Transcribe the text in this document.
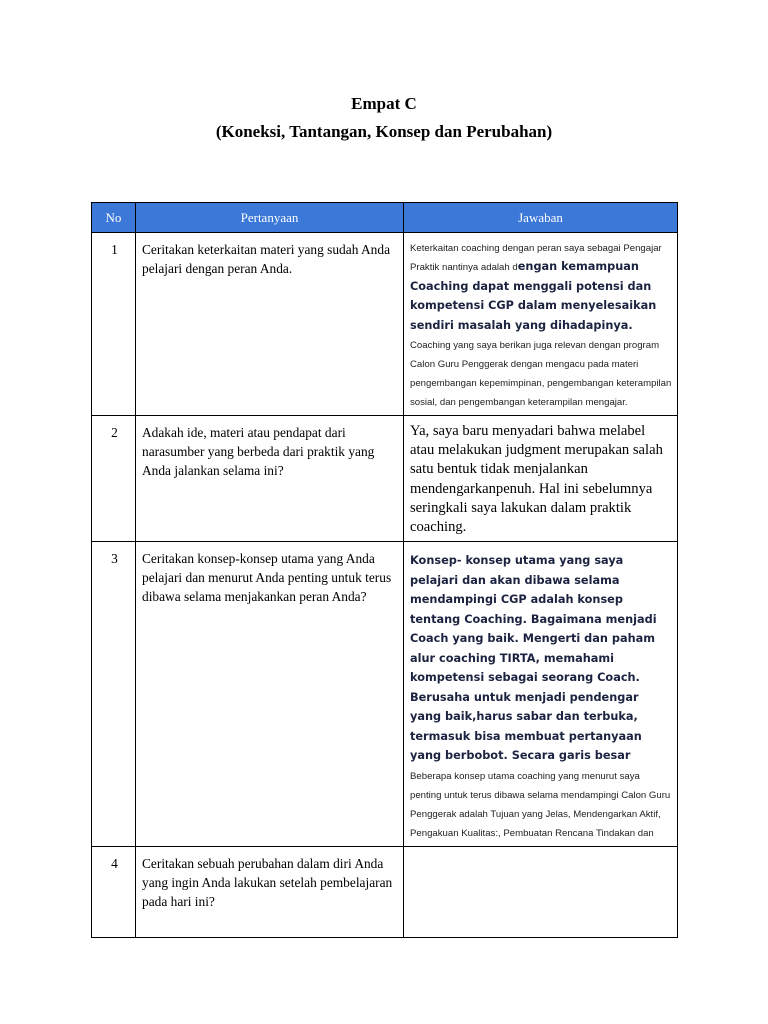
Empat C
(Koneksi, Tantangan, Konsep dan Perubahan)
No	Pertanyaan	Jawaban
1	Ceritakan keterkaitan materi yang sudah Anda pelajari dengan peran Anda.	Keterkaitan coaching dengan peran saya sebagai Pengajar Praktik nantinya adalah dengan kemampuan Coaching dapat menggali potensi dan kompetensi CGP dalam menyelesaikan sendiri masalah yang dihadapinya. Coaching yang saya berikan juga relevan dengan program Calon Guru Penggerak dengan mengacu pada materi pengembangan kepemimpinan, pengembangan keterampilan sosial, dan pengembangan keterampilan mengajar.
2	Adakah ide, materi atau pendapat dari narasumber yang berbeda dari praktik yang Anda jalankan selama ini?	Ya, saya baru menyadari bahwa melabel atau melakukan judgment merupakan salah satu bentuk tidak menjalankan mendengarkanpenuh. Hal ini sebelumnya seringkali saya lakukan dalam praktik coaching.
3	Ceritakan konsep-konsep utama yang Anda pelajari dan menurut Anda penting untuk terus dibawa selama menjakankan peran Anda?	Konsep- konsep utama yang saya pelajari dan akan dibawa selama mendampingi CGP adalah konsep tentang Coaching. Bagaimana menjadi Coach yang baik. Mengerti dan paham alur coaching TIRTA, memahami kompetensi sebagai seorang Coach. Berusaha untuk menjadi pendengar yang baik,harus sabar dan terbuka, termasuk bisa membuat pertanyaan yang berbobot. Secara garis besar Beberapa konsep utama coaching yang menurut saya penting untuk terus dibawa selama mendampingi Calon Guru Penggerak adalah Tujuan yang Jelas, Mendengarkan Aktif, Pengakuan Kualitas:, Pembuatan Rencana Tindakan dan
4	Ceritakan sebuah perubahan dalam diri Anda yang ingin Anda lakukan setelah pembelajaran pada hari ini?	
